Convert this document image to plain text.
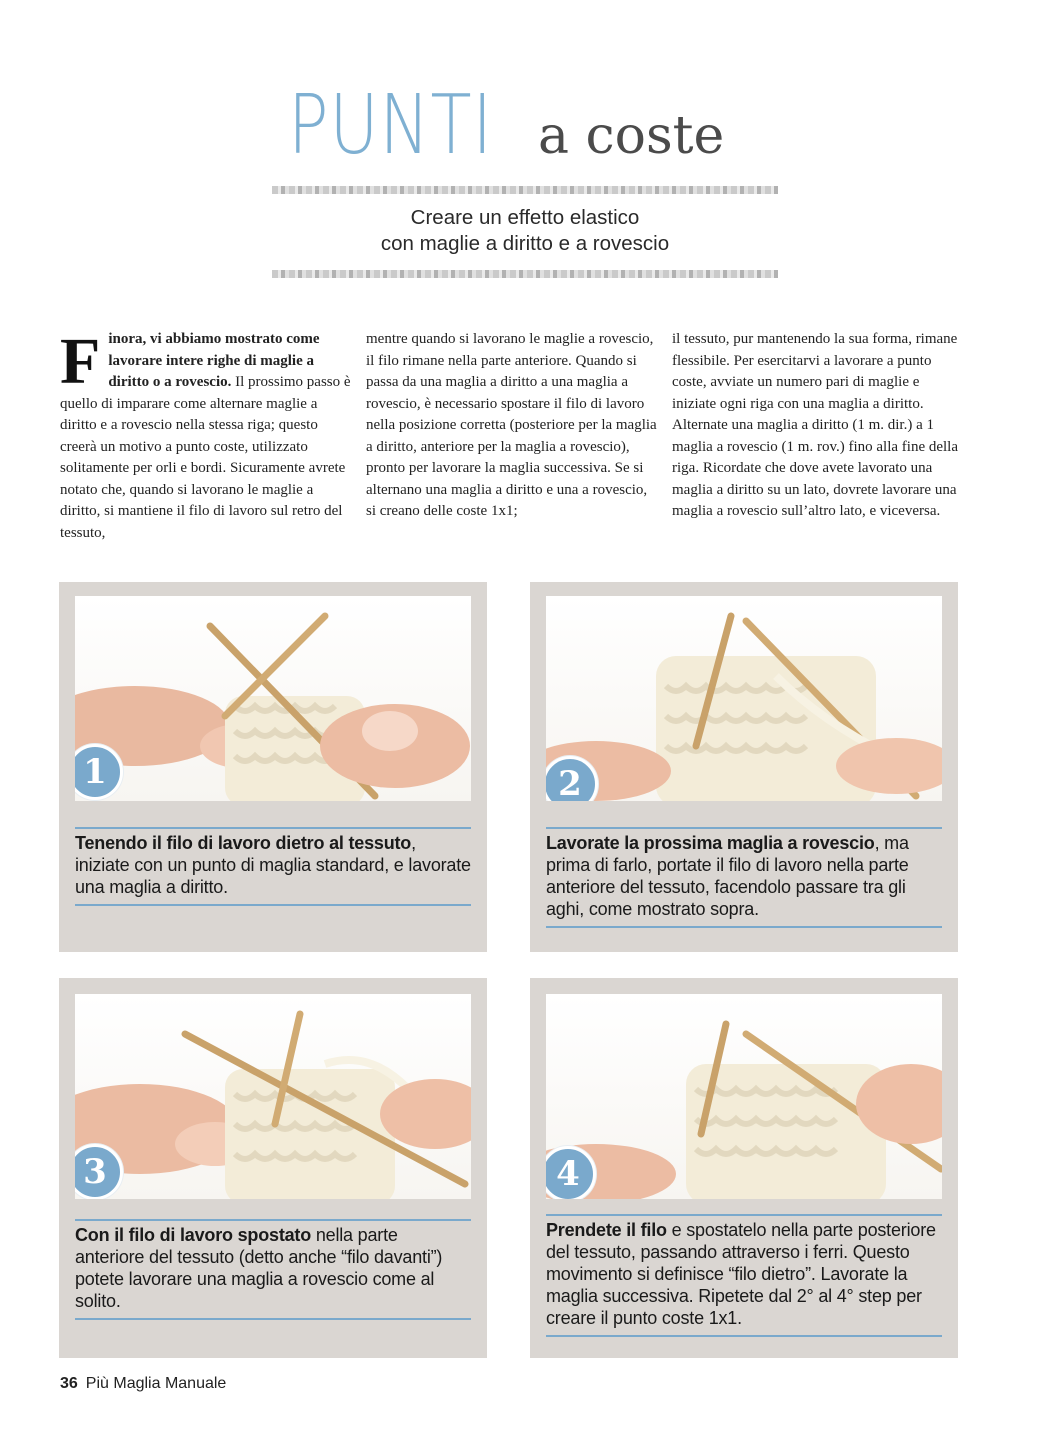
PUNTI a coste
Creare un effetto elastico
con maglie a diritto e a rovescio
Finora, vi abbiamo mostrato come lavorare intere righe di maglie a diritto o a rovescio. Il prossimo passo è quello di imparare come alternare maglie a diritto e a rovescio nella stessa riga; questo creerà un motivo a punto coste, utilizzato solitamente per orli e bordi. Sicuramente avrete notato che, quando si lavorano le maglie a diritto, si mantiene il filo di lavoro sul retro del tessuto,
mentre quando si lavorano le maglie a rovescio, il filo rimane nella parte anteriore. Quando si passa da una maglia a diritto a una maglia a rovescio, è necessario spostare il filo di lavoro nella posizione corretta (posteriore per la maglia a diritto, anteriore per la maglia a rovescio), pronto per lavorare la maglia successiva. Se si alternano una maglia a diritto e una a rovescio, si creano delle coste 1x1;
il tessuto, pur mantenendo la sua forma, rimane flessibile. Per esercitarvi a lavorare a punto coste, avviate un numero pari di maglie e iniziate ogni riga con una maglia a diritto. Alternate una maglia a diritto (1 m. dir.) a 1 maglia a rovescio (1 m. rov.) fino alla fine della riga. Ricordate che dove avete lavorato una maglia a diritto su un lato, dovrete lavorare una maglia a rovescio sull’altro lato, e viceversa.
1
Tenendo il filo di lavoro dietro al tessuto, iniziate con un punto di maglia standard, e lavorate una maglia a diritto.
2
Lavorate la prossima maglia a rovescio, ma prima di farlo, portate il filo di lavoro nella parte anteriore del tessuto, facendolo passare tra gli aghi, come mostrato sopra.
3
Con il filo di lavoro spostato nella parte anteriore del tessuto (detto anche “filo davanti”) potete lavorare una maglia a rovescio come al solito.
4
Prendete il filo e spostatelo nella parte posteriore del tessuto, passando attraverso i ferri. Questo movimento si definisce “filo dietro”. Lavorate la maglia successiva. Ripetete dal 2° al 4° step per creare il punto coste 1x1.
36 Più Maglia Manuale
